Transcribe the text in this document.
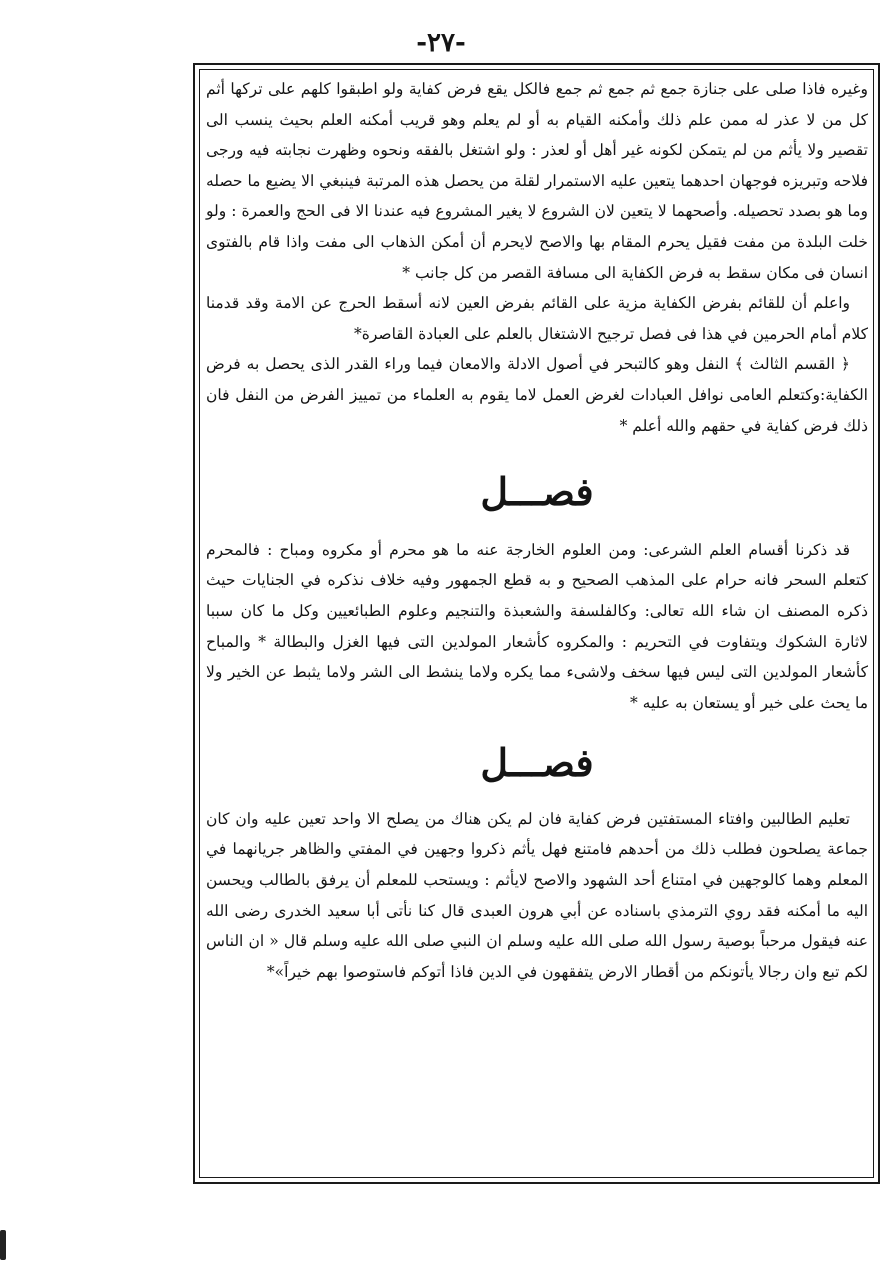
-٢٧-

وغيره فاذا صلى على جنازة جمع ثم جمع ثم جمع فالكل يقع فرض كفاية ولو اطبقوا كلهم على تركها أثم كل من لا عذر له ممن علم ذلك وأمكنه القيام به أو لم يعلم وهو قريب أمكنه العلم بحيث ينسب الى تقصير ولا يأثم من لم يتمكن لكونه غير أهل أو لعذر : ولو اشتغل بالفقه ونحوه وظهرت نجابته فيه ورجى فلاحه وتبريزه فوجهان احدهما يتعين عليه الاستمرار لقلة من يحصل هذه المرتبة فينبغي الا يضيع ما حصله وما هو بصدد تحصيله. وأصحهما لا يتعين لان الشروع لا يغير المشروع فيه عندنا الا فى الحج والعمرة : ولو خلت البلدة من مفت فقيل يحرم المقام بها والاصح لايحرم أن أمكن الذهاب الى مفت واذا قام بالفتوى انسان فى مكان سقط به فرض الكفاية الى مسافة القصر من كل جانب *

واعلم أن للقائم بفرض الكفاية مزية على القائم بفرض العين لانه أسقط الحرج عن الامة وقد قدمنا كلام أمام الحرمين في هذا فى فصل ترجيح الاشتغال بالعلم على العبادة القاصرة*

﴿ القسم الثالث ﴾ النفل وهو كالتبحر في أصول الادلة والامعان فيما وراء القدر الذى يحصل به فرض الكفاية:وكتعلم العامى نوافل العبادات لغرض العمل لاما يقوم به العلماء من تمييز الفرض من النفل فان ذلك فرض كفاية في حقهم والله أعلم *

فصـــل

قد ذكرنا أقسام العلم الشرعى: ومن العلوم الخارجة عنه ما هو محرم أو مكروه ومباح : فالمحرم كتعلم السحر فانه حرام على المذهب الصحيح و به قطع الجمهور وفيه خلاف نذكره في الجنايات حيث ذكره المصنف ان شاء الله تعالى: وكالفلسفة والشعبذة والتنجيم وعلوم الطبائعيين وكل ما كان سببا لاثارة الشكوك ويتفاوت في التحريم : والمكروه كأشعار المولدين التى فيها الغزل والبطالة * والمباح كأشعار المولدين التى ليس فيها سخف ولاشىء مما يكره ولاما ينشط الى الشر ولاما يثبط عن الخير ولا ما يحث على خير أو يستعان به عليه *

فصـــل

تعليم الطالبين وافتاء المستفتين فرض كفاية فان لم يكن هناك من يصلح الا واحد تعين عليه وان كان جماعة يصلحون فطلب ذلك من أحدهم فامتنع فهل يأثم ذكروا وجهين في المفتي والظاهر جريانهما في المعلم وهما كالوجهين في امتناع أحد الشهود والاصح لايأثم : ويستحب للمعلم أن يرفق بالطالب ويحسن اليه ما أمكنه فقد روي الترمذي باسناده عن أبي هرون العبدى قال كنا نأتى أبا سعيد الخدرى رضى الله عنه فيقول مرحباً بوصية رسول الله صلى الله عليه وسلم ان النبي صلى الله عليه وسلم قال « ان الناس لكم تبع وان رجالا يأتونكم من أقطار الارض يتفقهون في الدين فاذا أتوكم فاستوصوا بهم خيراً»*
